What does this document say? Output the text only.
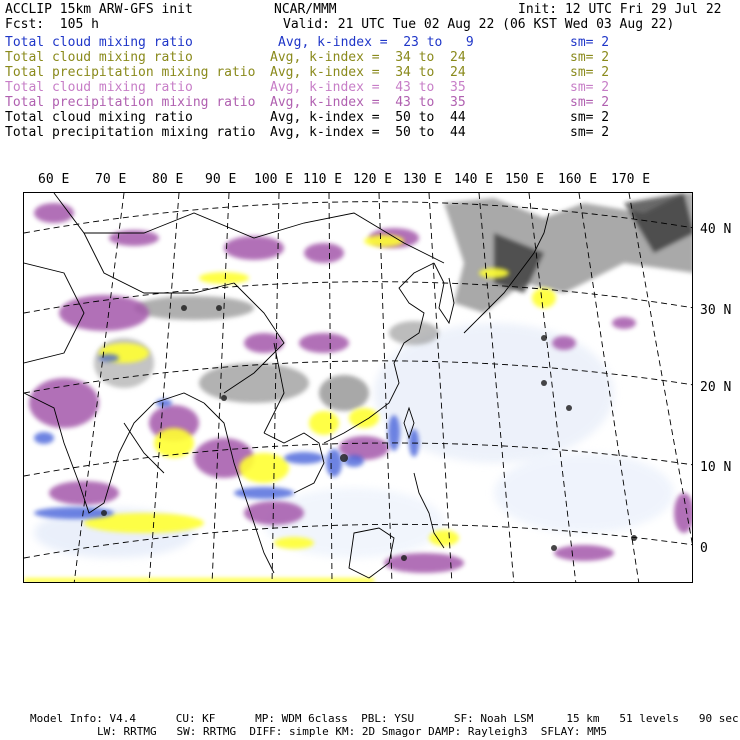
ACCLIP 15km ARW-GFS init	NCAR/MMM	Init: 12 UTC Fri 29 Jul 22
Fcst:  105 h	Valid: 21 UTC Tue 02 Aug 22 (06 KST Wed 03 Aug 22)
Total cloud mixing ratio	Avg, k-index =  23 to   9	sm= 2
Total cloud mixing ratio	Avg, k-index =  34 to  24	sm= 2
Total precipitation mixing ratio Avg, k-index =  34 to  24	sm= 2
Total cloud mixing ratio	Avg, k-index =  43 to  35	sm= 2
Total precipitation mixing ratio Avg, k-index =  43 to  35	sm= 2
Total cloud mixing ratio	Avg, k-index =  50 to  44	sm= 2
Total precipitation mixing ratio Avg, k-index =  50 to  44	sm= 2
60 E 70 E 80 E 90 E 100 E 110 E 120 E 130 E 140 E 150 E 160 E 170 E
40 N
30 N
20 N
10 N
0
Model Info: V4.4      CU: KF      MP: WDM 6class  PBL: YSU      SF: Noah LSM     15 km   51 levels   90 sec
LW: RRTMG   SW: RRTMG  DIFF: simple KM: 2D Smagor DAMP: Rayleigh3  SFLAY: MM5
